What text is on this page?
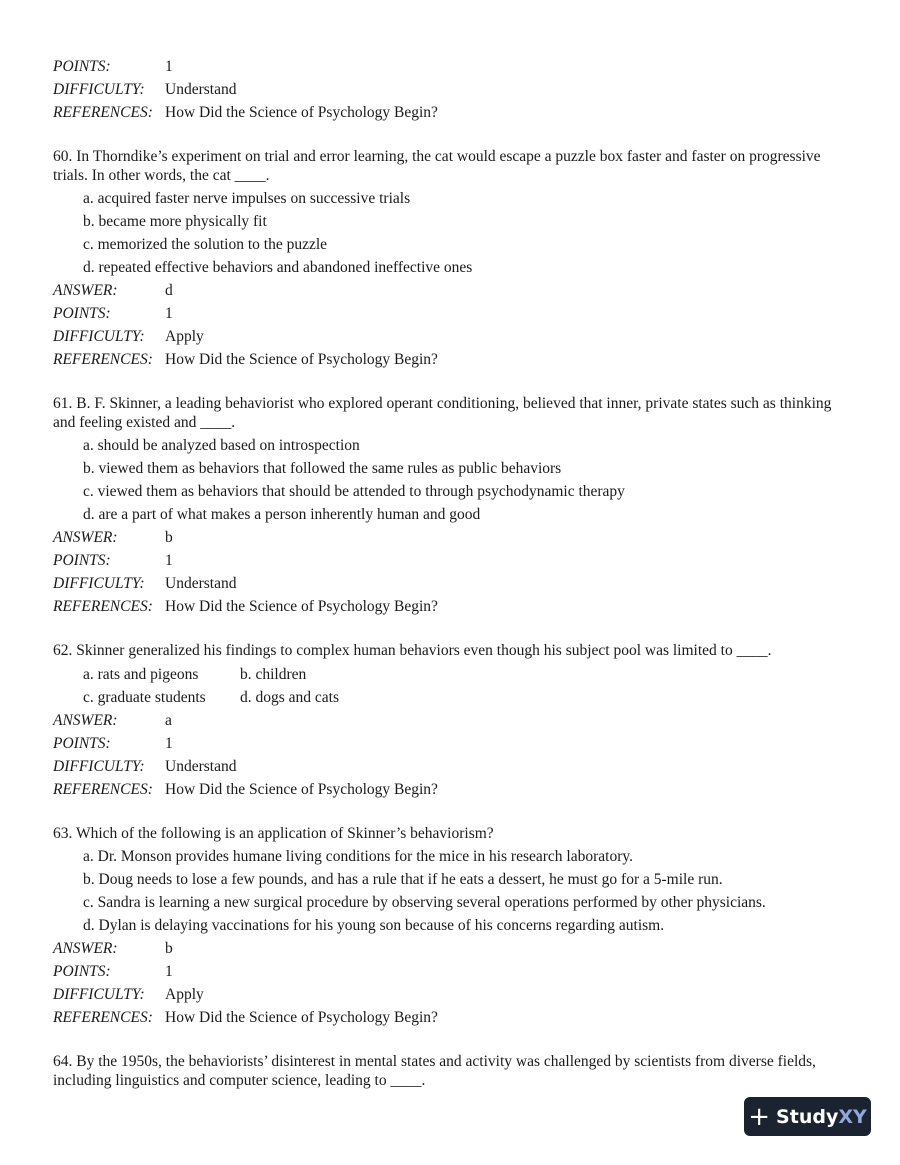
POINTS:	1
DIFFICULTY: Understand
REFERENCES: How Did the Science of Psychology Begin?
60. In Thorndike’s experiment on trial and error learning, the cat would escape a puzzle box faster and faster on progressive trials. In other words, the cat ____.
a. acquired faster nerve impulses on successive trials
b. became more physically fit
c. memorized the solution to the puzzle
d. repeated effective behaviors and abandoned ineffective ones
ANSWER:	d
POINTS:	1
DIFFICULTY: Apply
REFERENCES: How Did the Science of Psychology Begin?
61. B. F. Skinner, a leading behaviorist who explored operant conditioning, believed that inner, private states such as thinking and feeling existed and ____.
a. should be analyzed based on introspection
b. viewed them as behaviors that followed the same rules as public behaviors
c. viewed them as behaviors that should be attended to through psychodynamic therapy
d. are a part of what makes a person inherently human and good
ANSWER:	b
POINTS:	1
DIFFICULTY: Understand
REFERENCES: How Did the Science of Psychology Begin?
62. Skinner generalized his findings to complex human behaviors even though his subject pool was limited to ____.
a. rats and pigeons	b. children
c. graduate students d. dogs and cats
ANSWER:	a
POINTS:	1
DIFFICULTY: Understand
REFERENCES: How Did the Science of Psychology Begin?
63. Which of the following is an application of Skinner’s behaviorism?
a. Dr. Monson provides humane living conditions for the mice in his research laboratory.
b. Doug needs to lose a few pounds, and has a rule that if he eats a dessert, he must go for a 5-mile run.
c. Sandra is learning a new surgical procedure by observing several operations performed by other physicians.
d. Dylan is delaying vaccinations for his young son because of his concerns regarding autism.
ANSWER:	b
POINTS:	1
DIFFICULTY: Apply
REFERENCES: How Did the Science of Psychology Begin?
64. By the 1950s, the behaviorists’ disinterest in mental states and activity was challenged by scientists from diverse fields, including linguistics and computer science, leading to ____.
+ Study XY
